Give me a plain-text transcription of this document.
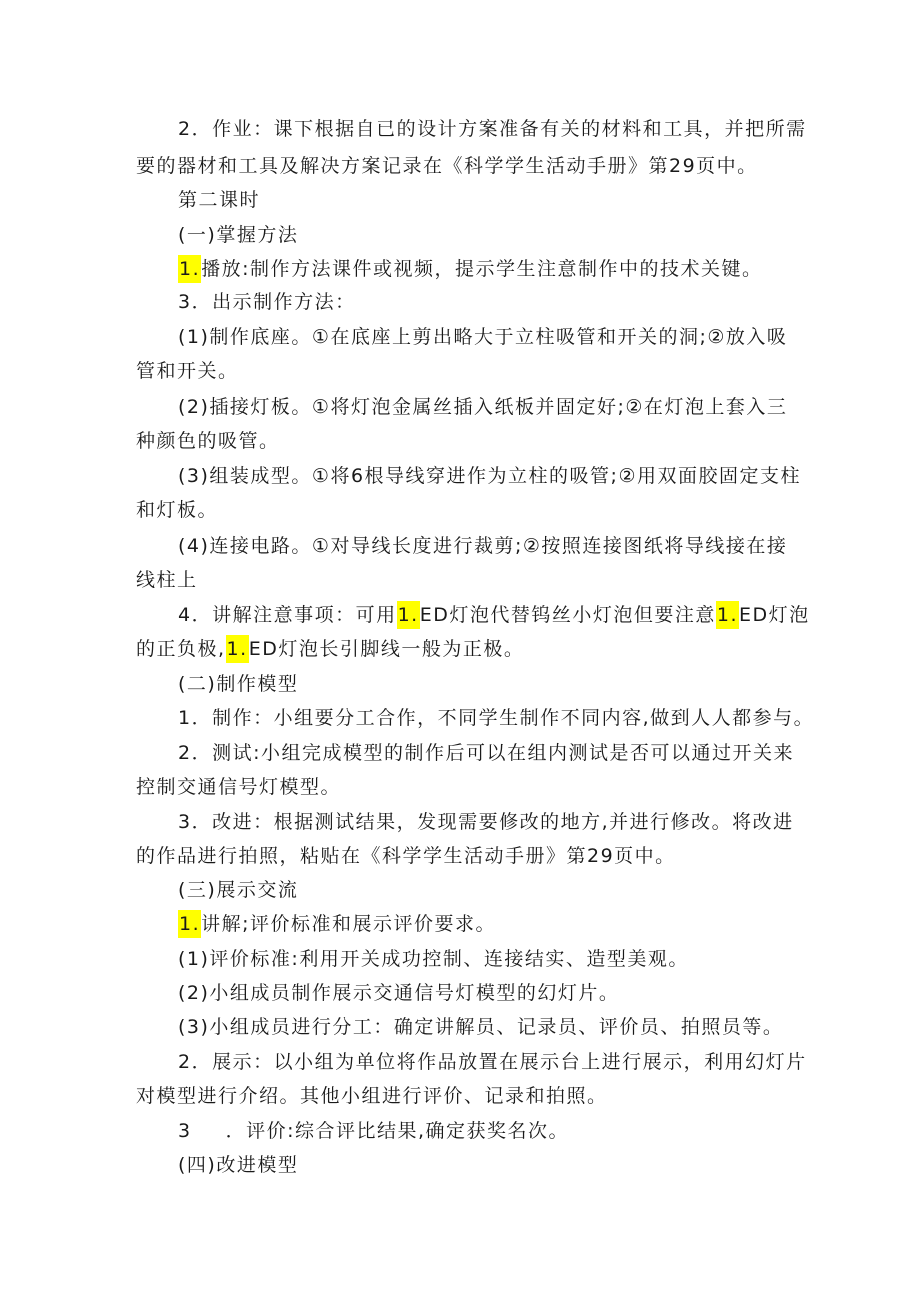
2．作业：课下根据自已的设计方案准备有关的材料和工具，并把所需
要的器材和工具及解决方案记录在《科学学生活动手册》第29页中。
第二课时
(一)掌握方法
1.播放:制作方法课件或视频，提示学生注意制作中的技术关键。
3．出示制作方法：
(1)制作底座。①在底座上剪出略大于立柱吸管和开关的洞;②放入吸
管和开关。
(2)插接灯板。①将灯泡金属丝插入纸板并固定好;②在灯泡上套入三
种颜色的吸管。
(3)组装成型。①将6根导线穿进作为立柱的吸管;②用双面胶固定支柱
和灯板。
(4)连接电路。①对导线长度进行裁剪;②按照连接图纸将导线接在接
线柱上
4．讲解注意事项：可用1.ED灯泡代替钨丝小灯泡但要注意1.ED灯泡
的正负极,1.ED灯泡长引脚线一般为正极。
(二)制作模型
1．制作：小组要分工合作，不同学生制作不同内容,做到人人都参与。
2．测试:小组完成模型的制作后可以在组内测试是否可以通过开关来
控制交通信号灯模型。
3．改进：根据测试结果，发现需要修改的地方,并进行修改。将改进
的作品进行拍照，粘贴在《科学学生活动手册》第29页中。
(三)展示交流
1.讲解;评价标准和展示评价要求。
(1)评价标准:利用开关成功控制、连接结实、造型美观。
(2)小组成员制作展示交通信号灯模型的幻灯片。
(3)小组成员进行分工：确定讲解员、记录员、评价员、拍照员等。
2．展示：以小组为单位将作品放置在展示台上进行展示，利用幻灯片
对模型进行介绍。其他小组进行评价、记录和拍照。
3 ．评价:综合评比结果,确定获奖名次。
(四)改进模型
